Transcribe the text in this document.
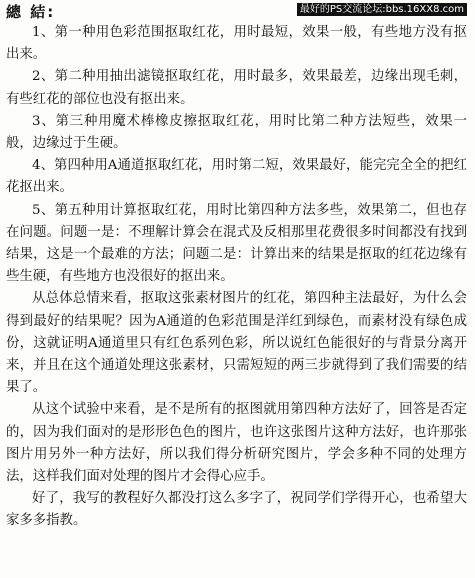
最好的PS交流论坛:bbs.16XX8.com
總 結:

1、第一种用色彩范围抠取红花，用时最短，效果一般，有些地方没有抠出来。

2、第二种用抽出滤镜抠取红花，用时最多，效果最差，边缘出现毛刺，有些红花的部位也没有抠出来。

3、第三种用魔术棒橡皮擦抠取红花，用时比第二种方法短些，效果一般，边缘过于生硬。

4、第四种用A通道抠取红花，用时第二短，效果最好，能完完全全的把红花抠出来。

5、第五种用计算抠取红花，用时比第四种方法多些，效果第二，但也存在问题。问题一是：不理解计算会在混式及反相那里花费很多时间都没有找到结果，这是一个最难的方法；问题二是：计算出来的结果是抠取的红花边缘有些生硬，有些地方也没很好的抠出来。

从总体总情来看，抠取这张素材图片的红花，第四种主法最好，为什么会得到最好的结果呢？因为A通道的色彩范围是洋红到绿色，而素材没有绿色成份，这就证明A通道里只有红色系列色彩，所以说红色能很好的与背景分离开来，并且在这个通道处理这张素材，只需短短的两三步就得到了我们需要的结果了。

从这个试验中来看，是不是所有的抠图就用第四种方法好了，回答是否定的，因为我们面对的是形形色色的图片，也许这张图片这种方法好，也许那张图片用另外一种方法好，所以我们得分析研究图片，学会多种不同的处理方法，这样我们面对处理的图片才会得心应手。

好了，我写的教程好久都没打这么多字了，祝同学们学得开心，也希望大家多多指教。
